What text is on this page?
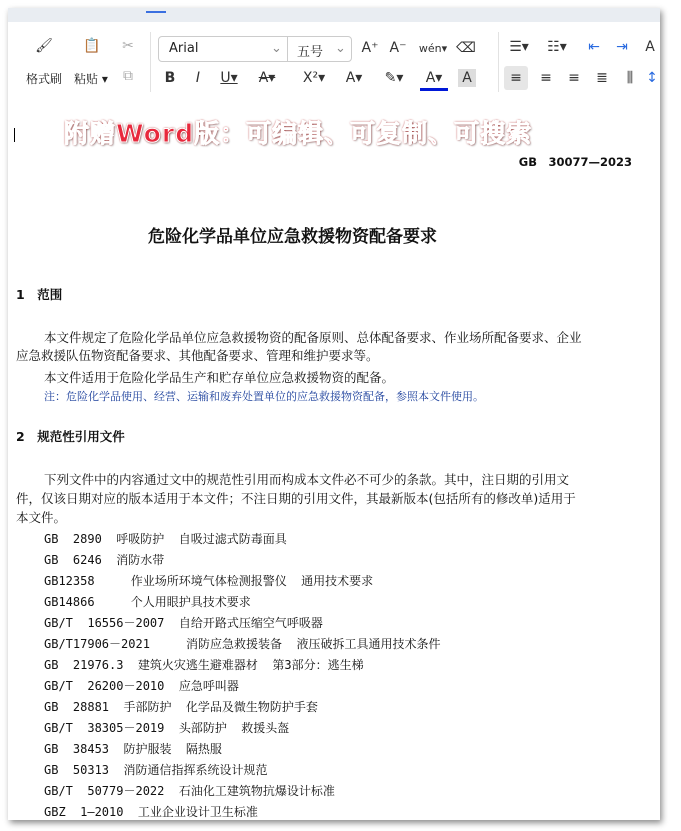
🖌
格式刷
📋
粘贴 ▾
✂
⧉
Arial	⌄ 五号 ⌄ A⁺ A⁻ wén ▾ ⌫
B	I	U▾	A▾	X²▾	A▾	✎▾	A▾	A
☰▾ ☷▾ ⇤ ⇥	A
≡	≡	≡	≣	⫼ ↕
附赠Word版：可编辑、可复制、可搜索
GB　30077—2023
危险化学品单位应急救援物资配备要求
1　范围
本文件规定了危险化学品单位应急救援物资的配备原则、总体配备要求、作业场所配备要求、企业
应急救援队伍物资配备要求、其他配备要求、管理和维护要求等。
本文件适用于危险化学品生产和贮存单位应急救援物资的配备。
注：危险化学品使用、经营、运输和废弃处置单位的应急救援物资配备，参照本文件使用。
2　规范性引用文件
下列文件中的内容通过文中的规范性引用而构成本文件必不可少的条款。其中，注日期的引用文
件，仅该日期对应的版本适用于本文件；不注日期的引用文件，其最新版本(包括所有的修改单)适用于
本文件。
GB  2890  呼吸防护  自吸过滤式防毒面具
GB  6246  消防水带
GB12358     作业场所环境气体检测报警仪  通用技术要求
GB14866     个人用眼护具技术要求
GB/T  16556－2007  自给开路式压缩空气呼吸器
GB/T17906－2021     消防应急救援装备  液压破拆工具通用技术条件
GB  21976.3  建筑火灾逃生避难器材  第3部分：逃生梯
GB/T  26200－2010  应急呼叫器
GB  28881  手部防护  化学品及微生物防护手套
GB/T  38305－2019  头部防护  救援头盔
GB  38453  防护服装  隔热服
GB  50313  消防通信指挥系统设计规范
GB/T  50779－2022  石油化工建筑物抗爆设计标准
GBZ  1—2010  工业企业设计卫生标准
